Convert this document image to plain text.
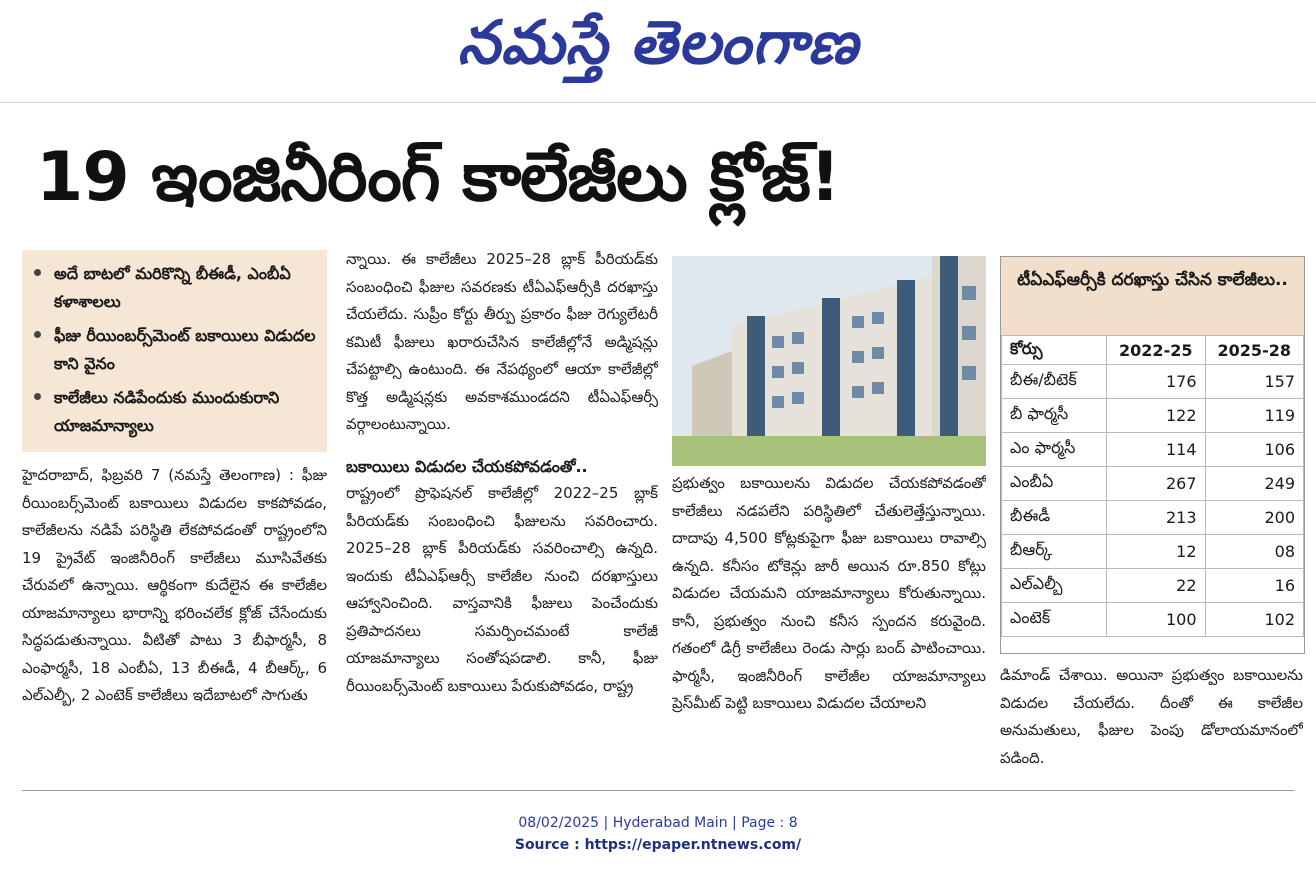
నమస్తే తెలంగాణ
19 ఇంజినీరింగ్ కాలేజీలు క్లోజ్!
అదే బాటలో మరికొన్ని బీఈడీ, ఎంబీఏ కళాశాలలు
ఫీజు రీయింబర్స్‌మెంట్ బకాయిలు విడుదల కాని వైనం
కాలేజీలు నడిపేందుకు ముందుకురాని యాజమాన్యాలు

హైదరాబాద్, ఫిబ్రవరి 7 (నమస్తే తెలంగాణ) : ఫీజు రీయింబర్స్‌మెంట్ బకాయిలు విడుదల కాకపోవడం, కాలేజీలను నడిపే పరిస్థితి లేకపోవడంతో రాష్ట్రంలోని 19 ప్రైవేట్ ఇంజినీరింగ్ కాలేజీలు మూసివేతకు చేరువలో ఉన్నాయి. ఆర్థికంగా కుదేలైన ఈ కాలేజీల యాజమాన్యాలు భారాన్ని భరించలేక క్లోజ్ చేసేందుకు సిద్ధపడుతున్నాయి. వీటితో పాటు 3 బీఫార్మసీ, 8 ఎంఫార్మసీ, 18 ఎంబీఏ, 13 బీఈడీ, 4 బీఆర్క్, 6 ఎల్ఎల్బీ, 2 ఎంటెక్ కాలేజీలు ఇదేబాటలో సాగుతు

న్నాయి. ఈ కాలేజీలు 2025–28 బ్లాక్ పీరియడ్‌కు సంబంధించి ఫీజుల సవరణకు టీఏఎఫ్ఆర్సీకి దరఖాస్తు చేయలేదు. సుప్రీం కోర్టు తీర్పు ప్రకారం ఫీజు రెగ్యులేటరీ కమిటీ ఫీజులు ఖరారుచేసిన కాలేజీల్లోనే అడ్మిషన్లు చేపట్టాల్సి ఉంటుంది. ఈ నేపథ్యంలో ఆయా కాలేజీల్లో కొత్త అడ్మిషన్లకు అవకాశముండదని టీఏఎఫ్ఆర్సీ వర్గాలంటున్నాయి.

బకాయిలు విడుదల చేయకపోవడంతో..

రాష్ట్రంలో ప్రొఫెషనల్ కాలేజీల్లో 2022–25 బ్లాక్ పీరియడ్‌కు సంబంధించి ఫీజులను సవరించారు. 2025–28 బ్లాక్ పీరియడ్‌కు సవరించాల్సి ఉన్నది. ఇందుకు టీఏఎఫ్ఆర్సీ కాలేజీల నుంచి దరఖాస్తులు ఆహ్వానించింది. వాస్తవానికి ఫీజులు పెంచేందుకు ప్రతిపాదనలు సమర్పించమంటే కాలేజీ యాజమాన్యాలు సంతోషపడాలి. కానీ, ఫీజు రీయింబర్స్‌మెంట్ బకాయిలు పేరుకుపోవడం, రాష్ట్ర

ప్రభుత్వం బకాయిలను విడుదల చేయకపోవడంతో కాలేజీలు నడపలేని పరిస్థితిలో చేతులెత్తేస్తున్నాయి. దాదాపు 4,500 కోట్లకుపైగా ఫీజు బకాయిలు రావాల్సి ఉన్నది. కనీసం టోకెన్లు జారీ అయిన రూ.850 కోట్లు విడుదల చేయమని యాజమాన్యాలు కోరుతున్నాయి. కానీ, ప్రభుత్వం నుంచి కనీస స్పందన కరువైంది. గతంలో డిగ్రీ కాలేజీలు రెండు సార్లు బంద్ పాటించాయి. ఫార్మసీ, ఇంజినీరింగ్ కాలేజీల యాజమాన్యాలు ప్రెస్‌మీట్ పెట్టి బకాయిలు విడుదల చేయాలని

టీఏఎఫ్ఆర్సీకి దరఖాస్తు చేసిన కాలేజీలు..
కోర్సు	2022-25	2025-28
బీఈ/బీటెక్	176	157
బీ ఫార్మసీ	122	119
ఎం ఫార్మసీ	114	106
ఎంబీఏ	267	249
బీఈడీ	213	200
బీఆర్క్	12	08
ఎల్ఎల్బీ	22	16
ఎంటెక్	100	102

డిమాండ్ చేశాయి. అయినా ప్రభుత్వం బకాయిలను విడుదల చేయలేదు. దీంతో ఈ కాలేజీల అనుమతులు, ఫీజుల పెంపు డోలాయమానంలో పడింది.

08/02/2025 | Hyderabad Main | Page : 8
Source : https://epaper.ntnews.com/
